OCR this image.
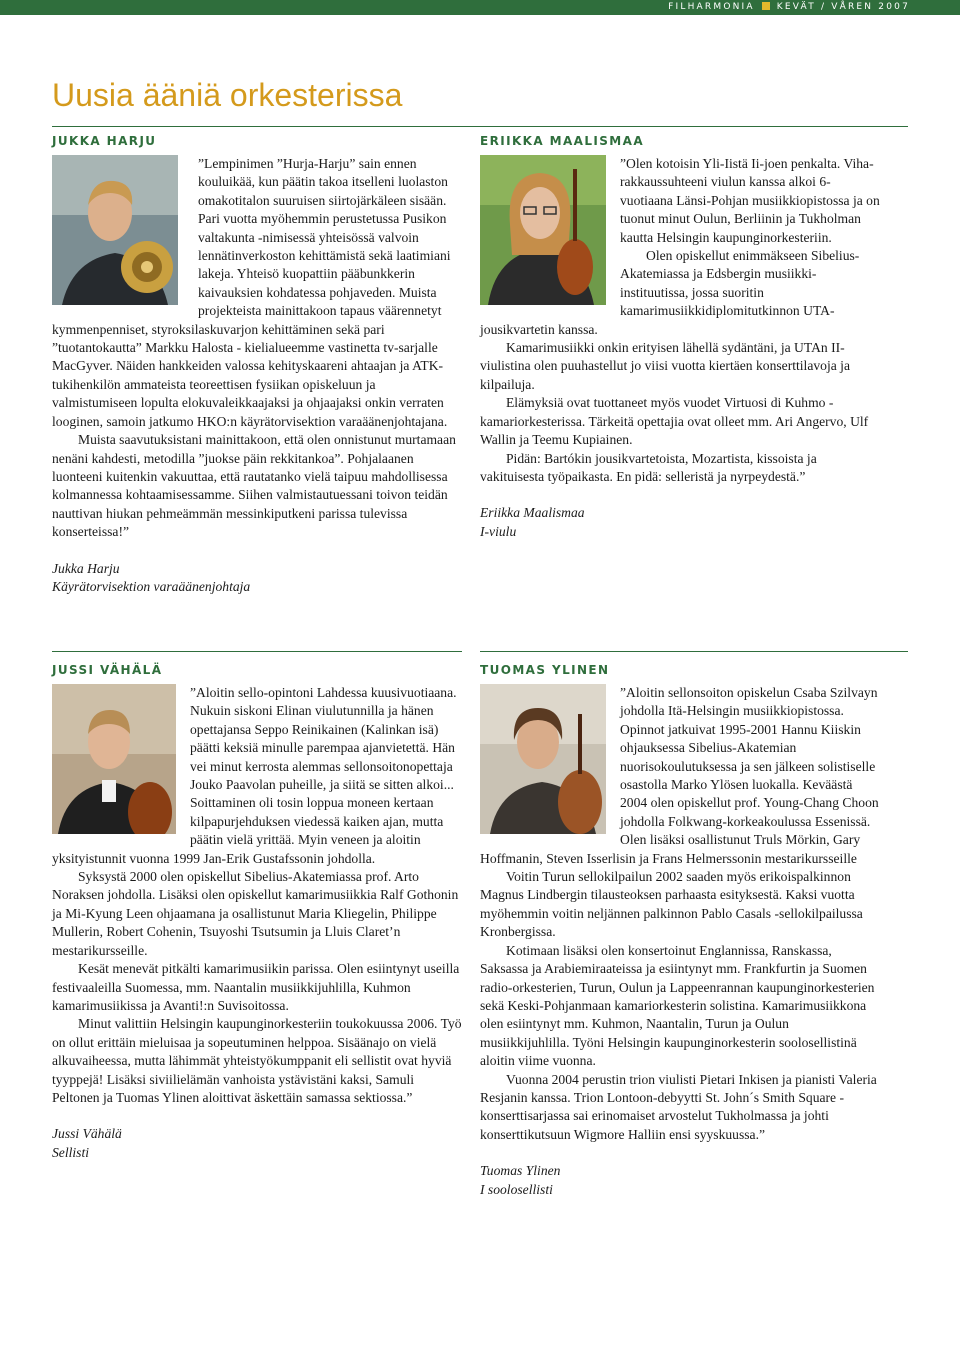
FILHARMONIA KEVÄT / VÅREN 2007
Uusia ääniä orkesterissa
JUKKA HARJU

”Lempinimen ”Hurja-Harju” sain ennen kouluikää, kun päätin takoa itselleni luolaston omakotitalon suuruisen siirtojärkäleen sisään. Pari vuotta myöhemmin perustetussa Pusikon valtakunta -nimisessä yhteisössä valvoin lennätinverkoston kehittämistä sekä laatimiani lakeja. Yhteisö kuopattiin pääbunkkerin kaivauksien kohdatessa pohjaveden. Muista projekteista mainittakoon tapaus väärennetyt kymmenpenniset, styroksilaskuvarjon kehittäminen sekä pari ”tuotantokautta” Markku Halosta - kielialueemme vastinetta tv-sarjalle MacGyver. Näiden hankkeiden valossa kehityskaareni ahtaajan ja ATK-tukihenkilön ammateista teoreettisen fysiikan opiskeluun ja valmistumiseen lopulta elokuvaleikkaajaksi ja ohjaajaksi onkin verraten looginen, samoin jatkumo HKO:n käyrätorvisektion varaäänenjohtajana.

Muista saavutuksistani mainittakoon, että olen onnistunut murtamaan nenäni kahdesti, metodilla ”juokse päin rekkitankoa”. Pohjalaanen luonteeni kuitenkin vakuuttaa, että rautatanko vielä taipuu mahdollisessa kolmannessa kohtaamisessamme. Siihen valmistautuessani toivon teidän nauttivan hiukan pehmeämmän messinkiputkeni parissa tulevissa konserteissa!”

Jukka Harju
Käyrätorvisektion varaäänenjohtaja
ERIIKKA MAALISMAA

”Olen kotoisin Yli-Iistä Ii-joen penkalta. Viha-rakkaussuhteeni viulun kanssa alkoi 6-vuotiaana Länsi-Pohjan musiikkiopistossa ja on tuonut minut Oulun, Berliinin ja Tukholman kautta Helsingin kaupunginorkesteriin.

Olen opiskellut enimmäkseen Sibelius-Akatemiassa ja Edsbergin musiikki-instituutissa, jossa suoritin kamarimusiikkidiplomitutkinnon UTA-jousikvartetin kanssa.

Kamarimusiikki onkin erityisen lähellä sydäntäni, ja UTAn II-viulistina olen puuhastellut jo viisi vuotta kiertäen konserttilavoja ja kilpailuja.

Elämyksiä ovat tuottaneet myös vuodet Virtuosi di Kuhmo -kamariorkesterissa. Tärkeitä opettajia ovat olleet mm. Ari Angervo, Ulf Wallin ja Teemu Kupiainen.

Pidän: Bartókin jousikvartetoista, Mozartista, kissoista ja vakituisesta työpaikasta. En pidä: selleristä ja nyrpeydestä.”

Eriikka Maalismaa
I-viulu
JUSSI VÄHÄLÄ

”Aloitin sello-opintoni Lahdessa kuusivuotiaana. Nukuin siskoni Elinan viulutunnilla ja hänen opettajansa Seppo Reinikainen (Kalinkan isä) päätti keksiä minulle parempaa ajanvietettä. Hän vei minut kerrosta alemmas sellonsoitonopettaja Jouko Paavolan puheille, ja siitä se sitten alkoi... Soittaminen oli tosin loppua moneen kertaan kilpapurjehduksen viedessä kaiken ajan, mutta päätin vielä yrittää. Myin veneen ja aloitin yksityistunnit vuonna 1999 Jan-Erik Gustafssonin johdolla.

Syksystä 2000 olen opiskellut Sibelius-Akatemiassa prof. Arto Noraksen johdolla. Lisäksi olen opiskellut kamarimusiikkia Ralf Gothonin ja Mi-Kyung Leen ohjaamana ja osallistunut Maria Kliegelin, Philippe Mullerin, Robert Cohenin, Tsuyoshi Tsutsumin ja Lluis Claret’n mestarikursseille.

Kesät menevät pitkälti kamarimusiikin parissa. Olen esiintynyt useilla festivaaleilla Suomessa, mm. Naantalin musiikkijuhlilla, Kuhmon kamarimusiikissa ja Avanti!:n Suvisoitossa.

Minut valittiin Helsingin kaupunginorkesteriin toukokuussa 2006. Työ on ollut erittäin mieluisaa ja sopeutuminen helppoa. Sisäänajo on vielä alkuvaiheessa, mutta lähimmät yhteistyökumppanit eli sellistit ovat hyviä tyyppejä! Lisäksi siviilielämän vanhoista ystävistäni kaksi, Samuli Peltonen ja Tuomas Ylinen aloittivat äskettäin samassa sektiossa.”

Jussi Vähälä
Sellisti
TUOMAS YLINEN

”Aloitin sellonsoiton opiskelun Csaba Szilvayn johdolla Itä-Helsingin musiikkiopistossa. Opinnot jatkuivat 1995-2001 Hannu Kiiskin ohjauksessa Sibelius-Akatemian nuorisokoulutuksessa ja sen jälkeen solistiselle osastolla Marko Ylösen luokalla. Keväästä 2004 olen opiskellut prof. Young-Chang Choon johdolla Folkwang-korkeakoulussa Essenissä. Olen lisäksi osallistunut Truls Mörkin, Gary Hoffmanin, Steven Isserlisin ja Frans Helmerssonin mestarikursseille

Voitin Turun sellokilpailun 2002 saaden myös erikoispalkinnon Magnus Lindbergin tilausteoksen parhaasta esityksestä. Kaksi vuotta myöhemmin voitin neljännen palkinnon Pablo Casals -sellokilpailussa Kronbergissa.

Kotimaan lisäksi olen konsertoinut Englannissa, Ranskassa, Saksassa ja Arabiemiraateissa ja esiintynyt mm. Frankfurtin ja Suomen radio-orkesterien, Turun, Oulun ja Lappeenrannan kaupunginorkesterien sekä Keski-Pohjanmaan kamariorkesterin solistina. Kamarimusiikkona olen esiintynyt mm. Kuhmon, Naantalin, Turun ja Oulun musiikkijuhlilla. Työni Helsingin kaupunginorkesterin soolosellistinä aloitin viime vuonna.

Vuonna 2004 perustin trion viulisti Pietari Inkisen ja pianisti Valeria Resjanin kanssa. Trion Lontoon-debyytti St. John´s Smith Square -konserttisarjassa sai erinomaiset arvostelut Tukholmassa ja johti konserttikutsuun Wigmore Halliin ensi syyskuussa.”

Tuomas Ylinen
I soolosellisti
